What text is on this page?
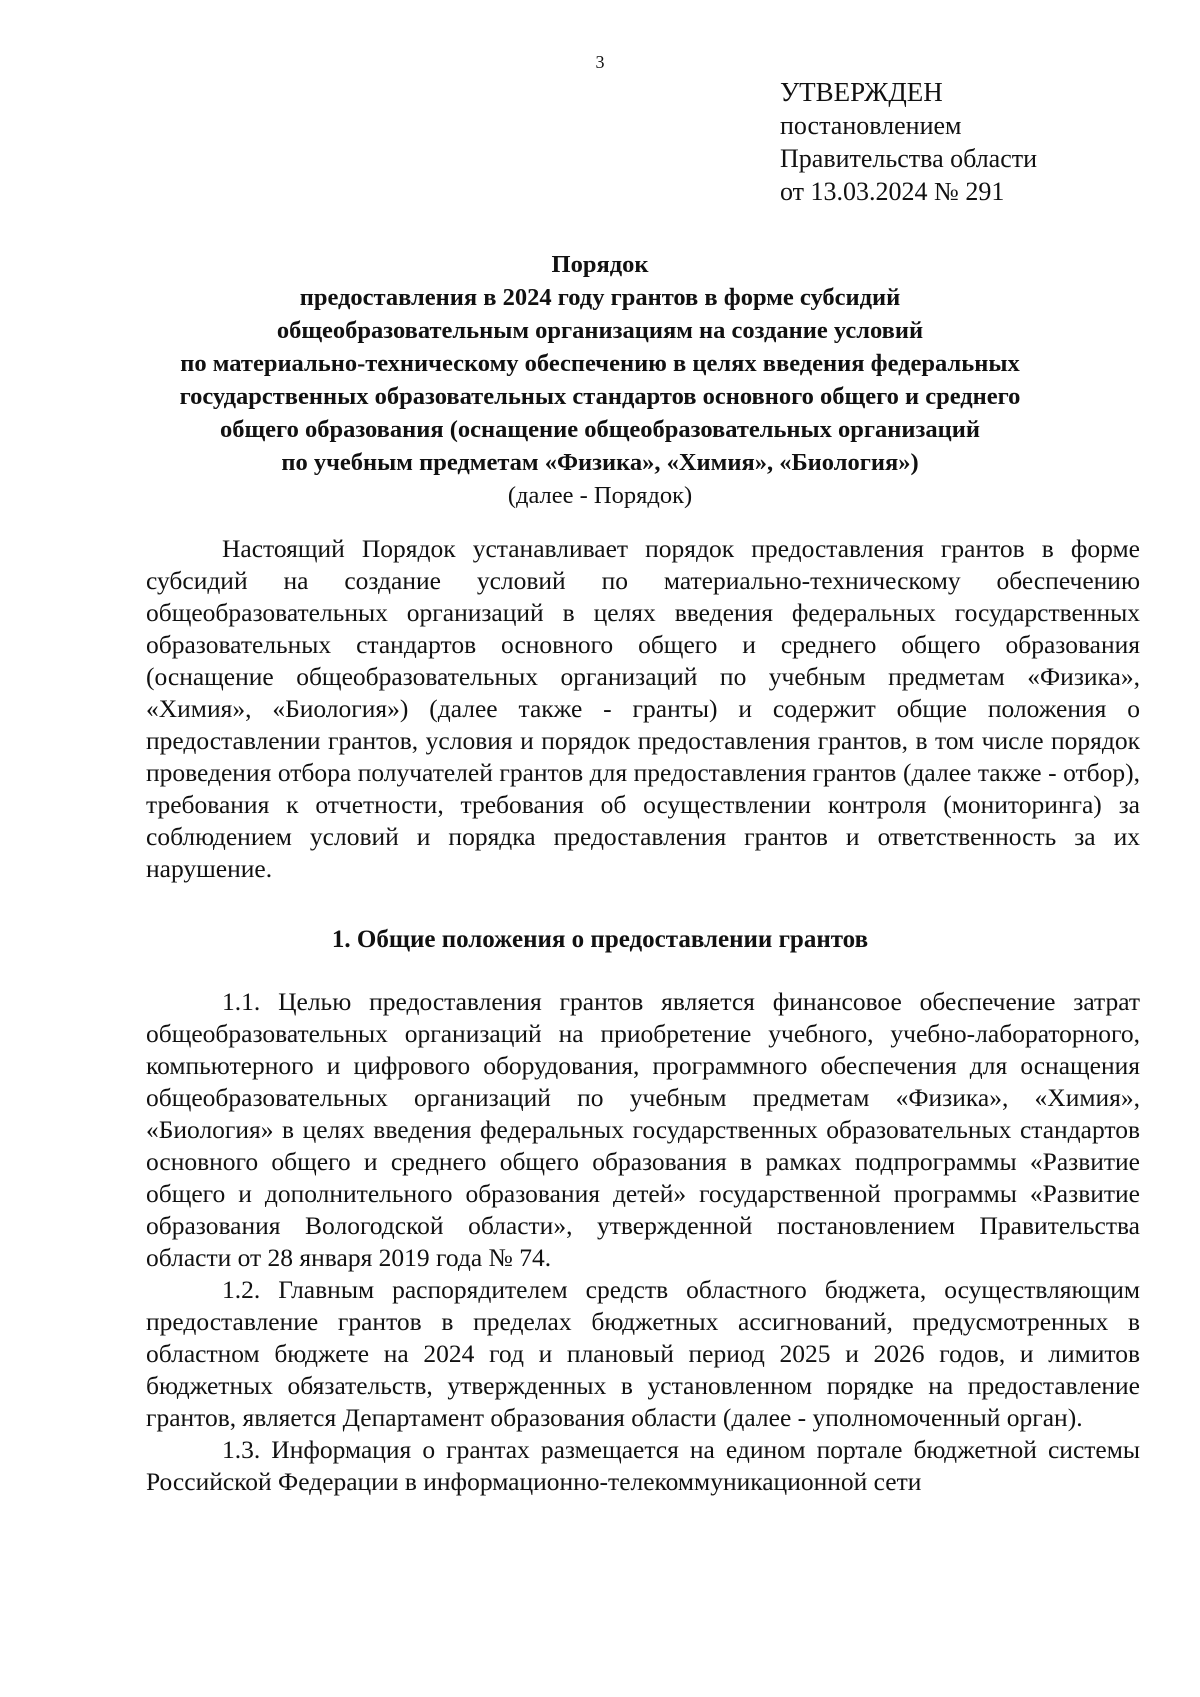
3
УТВЕРЖДЕН
постановлением
Правительства области
от 13.03.2024 № 291
Порядок
предоставления в 2024 году грантов в форме субсидий
общеобразовательным организациям на создание условий
по материально-техническому обеспечению в целях введения федеральных
государственных образовательных стандартов основного общего и среднего
общего образования (оснащение общеобразовательных организаций
по учебным предметам «Физика», «Химия», «Биология»)
(далее - Порядок)

Настоящий Порядок устанавливает порядок предоставления грантов в форме субсидий на создание условий по материально-техническому обеспечению общеобразовательных организаций в целях введения федеральных государственных образовательных стандартов основного общего и среднего общего образования (оснащение общеобразовательных организаций по учебным предметам «Физика», «Химия», «Биология») (далее также - гранты) и содержит общие положения о предоставлении грантов, условия и порядок предоставления грантов, в том числе порядок проведения отбора получателей грантов для предоставления грантов (далее также - отбор), требования к отчетности, требования об осуществлении контроля (мониторинга) за соблюдением условий и порядка предоставления грантов и ответственность за их нарушение.

1. Общие положения о предоставлении грантов

1.1. Целью предоставления грантов является финансовое обеспечение затрат общеобразовательных организаций на приобретение учебного, учебно-лабораторного, компьютерного и цифрового оборудования, программного обеспечения для оснащения общеобразовательных организаций по учебным предметам «Физика», «Химия», «Биология» в целях введения федеральных государственных образовательных стандартов основного общего и среднего общего образования в рамках подпрограммы «Развитие общего и дополнительного образования детей» государственной программы «Развитие образования Вологодской области», утвержденной постановлением Правительства области от 28 января 2019 года № 74.

1.2. Главным распорядителем средств областного бюджета, осуществляющим предоставление грантов в пределах бюджетных ассигнований, предусмотренных в областном бюджете на 2024 год и плановый период 2025 и 2026 годов, и лимитов бюджетных обязательств, утвержденных в установленном порядке на предоставление грантов, является Департамент образования области (далее - уполномоченный орган).

1.3. Информация о грантах размещается на едином портале бюджетной системы Российской Федерации в информационно-телекоммуникационной сети
